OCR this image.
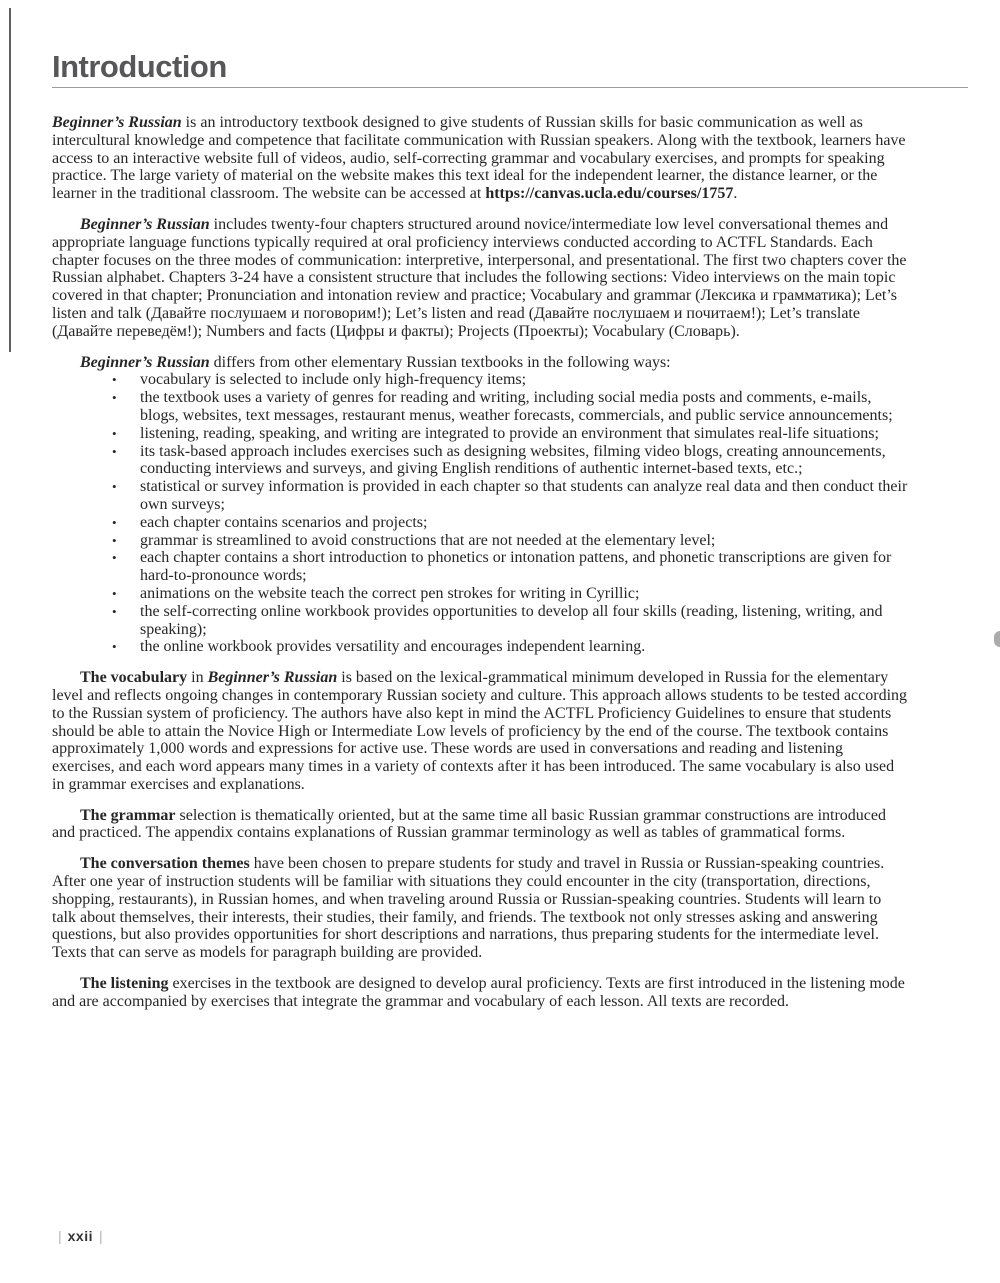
Introduction

Beginner’s Russian is an introductory textbook designed to give students of Russian skills for basic communication as well as intercultural knowledge and competence that facilitate communication with Russian speakers. Along with the textbook, learners have access to an interactive website full of videos, audio, self-correcting grammar and vocabulary exercises, and prompts for speaking practice. The large variety of material on the website makes this text ideal for the independent learner, the distance learner, or the learner in the traditional classroom. The website can be accessed at https://canvas.ucla.edu/courses/1757.

Beginner’s Russian includes twenty-four chapters structured around novice/intermediate low level conversational themes and appropriate language functions typically required at oral proficiency interviews conducted according to ACTFL Standards. Each chapter focuses on the three modes of communication: interpretive, interpersonal, and presentational. The first two chapters cover the Russian alphabet. Chapters 3-24 have a consistent structure that includes the following sections: Video interviews on the main topic covered in that chapter; Pronunciation and intonation review and practice; Vocabulary and grammar (Лексика и грамматика); Let’s listen and talk (Давайте послушаем и поговорим!); Let’s listen and read (Давайте послушаем и почитаем!); Let’s translate (Давайте переведём!); Numbers and facts (Цифры и факты); Projects (Проекты); Vocabulary (Словарь).

Beginner’s Russian differs from other elementary Russian textbooks in the following ways:

• vocabulary is selected to include only high-frequency items;
• the textbook uses a variety of genres for reading and writing, including social media posts and comments, e-mails, blogs, websites, text messages, restaurant menus, weather forecasts, commercials, and public service announcements;
• listening, reading, speaking, and writing are integrated to provide an environment that simulates real-life situations;
• its task-based approach includes exercises such as designing websites, filming video blogs, creating announcements, conducting interviews and surveys, and giving English renditions of authentic internet-based texts, etc.;
• statistical or survey information is provided in each chapter so that students can analyze real data and then conduct their own surveys;
• each chapter contains scenarios and projects;
• grammar is streamlined to avoid constructions that are not needed at the elementary level;
• each chapter contains a short introduction to phonetics or intonation pattens, and phonetic transcriptions are given for hard-to-pronounce words;
• animations on the website teach the correct pen strokes for writing in Cyrillic;
• the self-correcting online workbook provides opportunities to develop all four skills (reading, listening, writing, and speaking);
• the online workbook provides versatility and encourages independent learning.

The vocabulary in Beginner’s Russian is based on the lexical-grammatical minimum developed in Russia for the elementary level and reflects ongoing changes in contemporary Russian society and culture. This approach allows students to be tested according to the Russian system of proficiency. The authors have also kept in mind the ACTFL Proficiency Guidelines to ensure that students should be able to attain the Novice High or Intermediate Low levels of proficiency by the end of the course. The textbook contains approximately 1,000 words and expressions for active use. These words are used in conversations and reading and listening exercises, and each word appears many times in a variety of contexts after it has been introduced. The same vocabulary is also used in grammar exercises and explanations.

The grammar selection is thematically oriented, but at the same time all basic Russian grammar constructions are introduced and practiced. The appendix contains explanations of Russian grammar terminology as well as tables of grammatical forms.

The conversation themes have been chosen to prepare students for study and travel in Russia or Russian-speaking countries. After one year of instruction students will be familiar with situations they could encounter in the city (transportation, directions, shopping, restaurants), in Russian homes, and when traveling around Russia or Russian-speaking countries. Students will learn to talk about themselves, their interests, their studies, their family, and friends. The textbook not only stresses asking and answering questions, but also provides opportunities for short descriptions and narrations, thus preparing students for the intermediate level. Texts that can serve as models for paragraph building are provided.

The listening exercises in the textbook are designed to develop aural proficiency. Texts are first introduced in the listening mode and are accompanied by exercises that integrate the grammar and vocabulary of each lesson. All texts are recorded.

| xxii |
